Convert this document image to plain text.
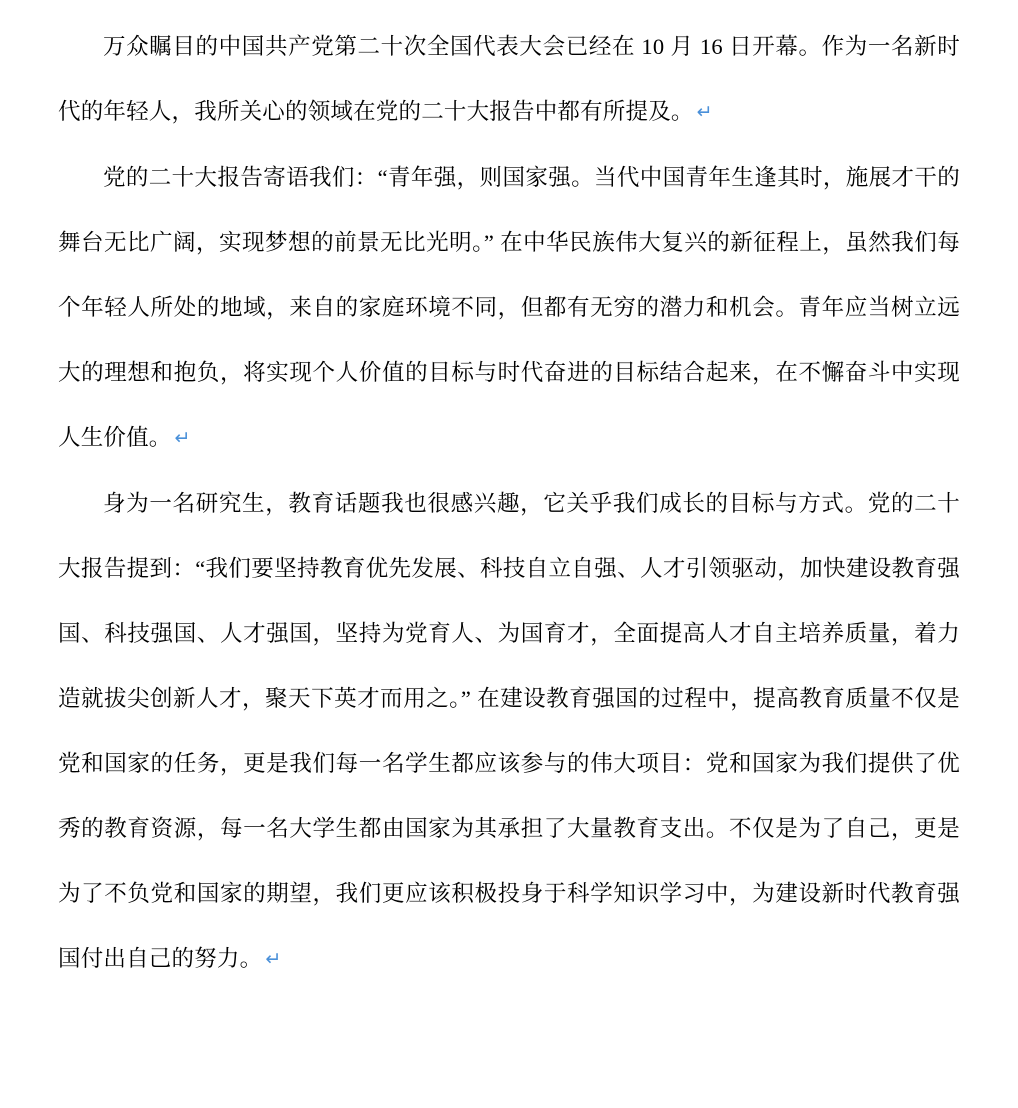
万众瞩目的中国共产党第二十次全国代表大会已经在 10 月 16 日开幕。作为一名新时代的年轻人，我所关心的领域在党的二十大报告中都有所提及。 ↵

党的二十大报告寄语我们：“青年强，则国家强。当代中国青年生逢其时，施展才干的舞台无比广阔，实现梦想的前景无比光明。” 在中华民族伟大复兴的新征程上，虽然我们每个年轻人所处的地域，来自的家庭环境不同，但都有无穷的潜力和机会。青年应当树立远大的理想和抱负，将实现个人价值的目标与时代奋进的目标结合起来，在不懈奋斗中实现人生价值。 ↵

身为一名研究生，教育话题我也很感兴趣，它关乎我们成长的目标与方式。党的二十大报告提到：“我们要坚持教育优先发展、科技自立自强、人才引领驱动，加快建设教育强国、科技强国、人才强国，坚持为党育人、为国育才，全面提高人才自主培养质量，着力造就拔尖创新人才，聚天下英才而用之。” 在建设教育强国的过程中，提高教育质量不仅是党和国家的任务，更是我们每一名学生都应该参与的伟大项目：党和国家为我们提供了优秀的教育资源，每一名大学生都由国家为其承担了大量教育支出。不仅是为了自己，更是为了不负党和国家的期望，我们更应该积极投身于科学知识学习中，为建设新时代教育强国付出自己的努力。 ↵
